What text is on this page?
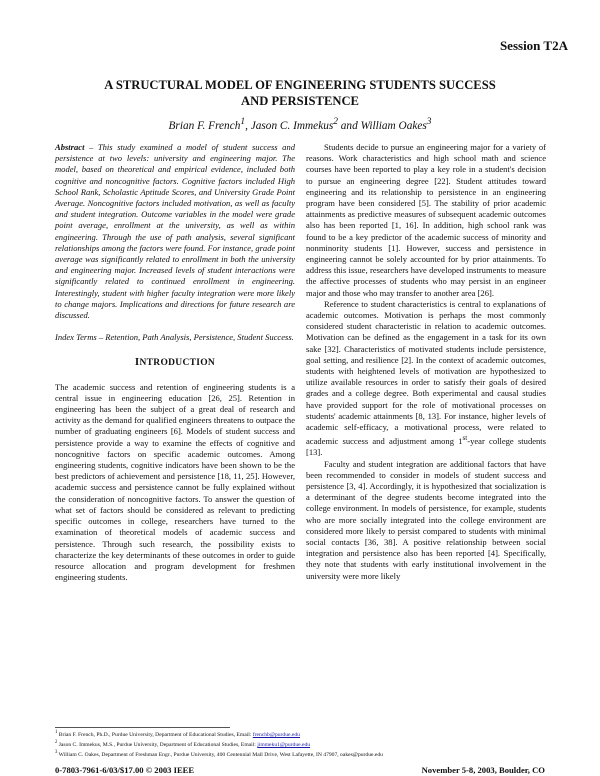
Session T2A
A STRUCTURAL MODEL OF ENGINEERING STUDENTS SUCCESS
AND PERSISTENCE
Brian F. French$^1$, Jason C. Immekus$^2$ and William Oakes$^3$

Abstract – This study examined a model of student success and persistence at two levels: university and engineering major. The model, based on theoretical and empirical evidence, included both cognitive and noncognitive factors. Cognitive factors included High School Rank, Scholastic Aptitude Scores, and University Grade Point Average. Noncognitive factors included motivation, as well as faculty and student integration. Outcome variables in the model were grade point average, enrollment at the university, as well as within engineering. Through the use of path analysis, several significant relationships among the factors were found. For instance, grade point average was significantly related to enrollment in both the university and engineering major. Increased levels of student interactions were significantly related to continued enrollment in engineering. Interestingly, student with higher faculty integration were more likely to change majors. Implications and directions for future research are discussed.

Index Terms – Retention, Path Analysis, Persistence, Student Success.

INTRODUCTION

The academic success and retention of engineering students is a central issue in engineering education [26, 25]. Retention in engineering has been the subject of a great deal of research and activity as the demand for qualified engineers threatens to outpace the number of graduating engineers [6]. Models of student success and persistence provide a way to examine the effects of cognitive and noncognitive factors on specific academic outcomes. Among engineering students, cognitive indicators have been shown to be the best predictors of achievement and persistence [18, 11, 25]. However, academic success and persistence cannot be fully explained without the consideration of noncognitive factors. To answer the question of what set of factors should be considered as relevant to predicting specific outcomes in college, researchers have turned to the examination of theoretical models of academic success and persistence. Through such research, the possibility exists to characterize the key determinants of these outcomes in order to guide resource allocation and program development for freshmen engineering students.

Students decide to pursue an engineering major for a variety of reasons. Work characteristics and high school math and science courses have been reported to play a key role in a student's decision to pursue an engineering degree [22]. Student attitudes toward engineering and its relationship to persistence in an engineering program have been considered [5]. The stability of prior academic attainments as predictive measures of subsequent academic outcomes also has been reported [1, 16]. In addition, high school rank was found to be a key predictor of the academic success of minority and nonminority students [1]. However, success and persistence in engineering cannot be solely accounted for by prior attainments. To address this issue, researchers have developed instruments to measure the affective processes of students who may persist in an engineer major and those who may transfer to another area [26].

Reference to student characteristics is central to explanations of academic outcomes. Motivation is perhaps the most commonly considered student characteristic in relation to academic outcomes. Motivation can be defined as the engagement in a task for its own sake [32]. Characteristics of motivated students include persistence, goal setting, and resilience [2]. In the context of academic outcomes, students with heightened levels of motivation are hypothesized to utilize available resources in order to satisfy their goals of desired grades and a college degree. Both experimental and causal studies have provided support for the role of motivational processes on students' academic attainments [8, 13]. For instance, higher levels of academic self-efficacy, a motivational process, were related to academic success and adjustment among 1st-year college students [13].

Faculty and student integration are additional factors that have been recommended to consider in models of student success and persistence [3, 4]. Accordingly, it is hypothesized that socialization is a determinant of the degree students become integrated into the college environment. In models of persistence, for example, students who are more socially integrated into the college environment are considered more likely to persist compared to students with minimal social contacts [36, 38]. A positive relationship between social integration and persistence also has been reported [4]. Specifically, they note that students with early institutional involvement in the university were more likely

$^1$ Brian F. French, Ph.D., Purdue University, Department of Educational Studies, Email: frenchb@purdue.edu

$^2$ Jason C. Immekus, M.S., Purdue University, Department of Educational Studies, Email: jimmeku1@purdue.edu

$^3$ William C. Oakes, Department of Freshman Engr., Purdue University, 400 Centennial Mall Drive, West Lafayette, IN 47907, oakes@purdue.edu

0-7803-7961-6/03/$17.00 © 2003 IEEE	November 5-8, 2003, Boulder, CO
